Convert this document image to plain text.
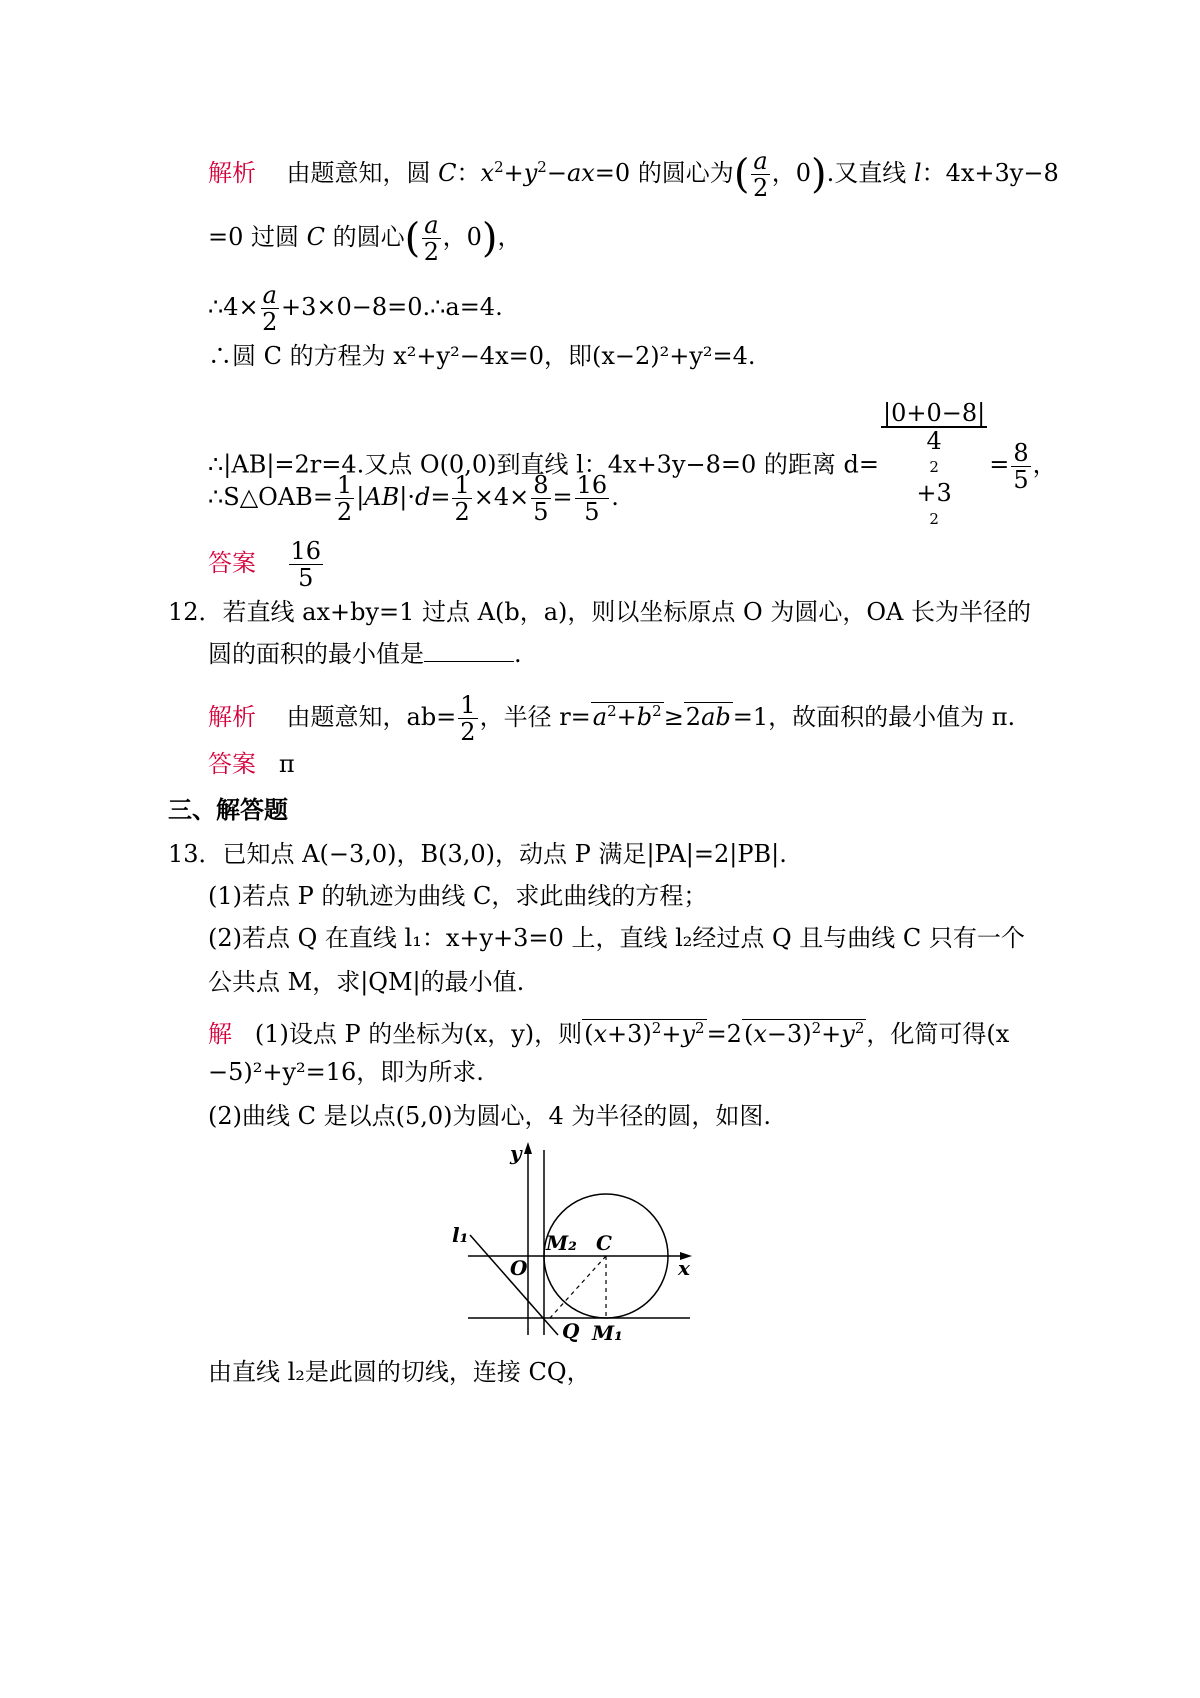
解析 由题意知，圆 C：$x^2+y^2-ax=0$ 的圆心为( $\frac{a}{2}$ ，0).又直线 l：4x+3y−8
=0 过圆 C 的圆心( $\frac{a}{2}$ ，0)，
∴4× $\frac{a}{2}$ +3×0−8=0.∴a=4.
∴圆 C 的方程为 x²+y²−4x=0，即(x−2)²+y²=4.
∴|AB|=2r=4.又点 O(0,0)到直线 l：4x+3y−8=0 的距离 d= |0+0−8|
4
2
+3
$2 = \frac{8}{5}$ ，
∴S△OAB= $\frac{1}{2} |AB|\cdot d= \frac{1}{2} \times 4\times \frac{8}{5} = \frac{16}{5}$ .
答案 $\frac{16}{5}$
12．若直线 ax+by=1 过点 A(b，a)，则以坐标原点 O 为圆心，OA 长为半径的
圆的面积的最小值是	.
解析 由题意知，$ab= \frac{1}{2}$ ，半径 $r=a^2+b^2\ge 2ab=1$，故面积的最小值为 π.
答案 π
三、解答题
13．已知点 A(−3,0)，B(3,0)，动点 P 满足|PA|=2|PB|.
(1)若点 P 的轨迹为曲线 C，求此曲线的方程；
(2)若点 Q 在直线 l₁：x+y+3=0 上，直线 l₂经过点 Q 且与曲线 C 只有一个
公共点 M，求|QM|的最小值.
解 (1)设点 P 的坐标为(x，y)，则$(x+3)^2+y^2=2(x-3)^2+y^2$，化简可得(x
−5)²+y²=16，即为所求.
(2)曲线 C 是以点(5,0)为圆心，4 为半径的圆，如图.
y
x
l₁
O
M₂ C
Q M₁
由直线 l₂是此圆的切线，连接 CQ，
